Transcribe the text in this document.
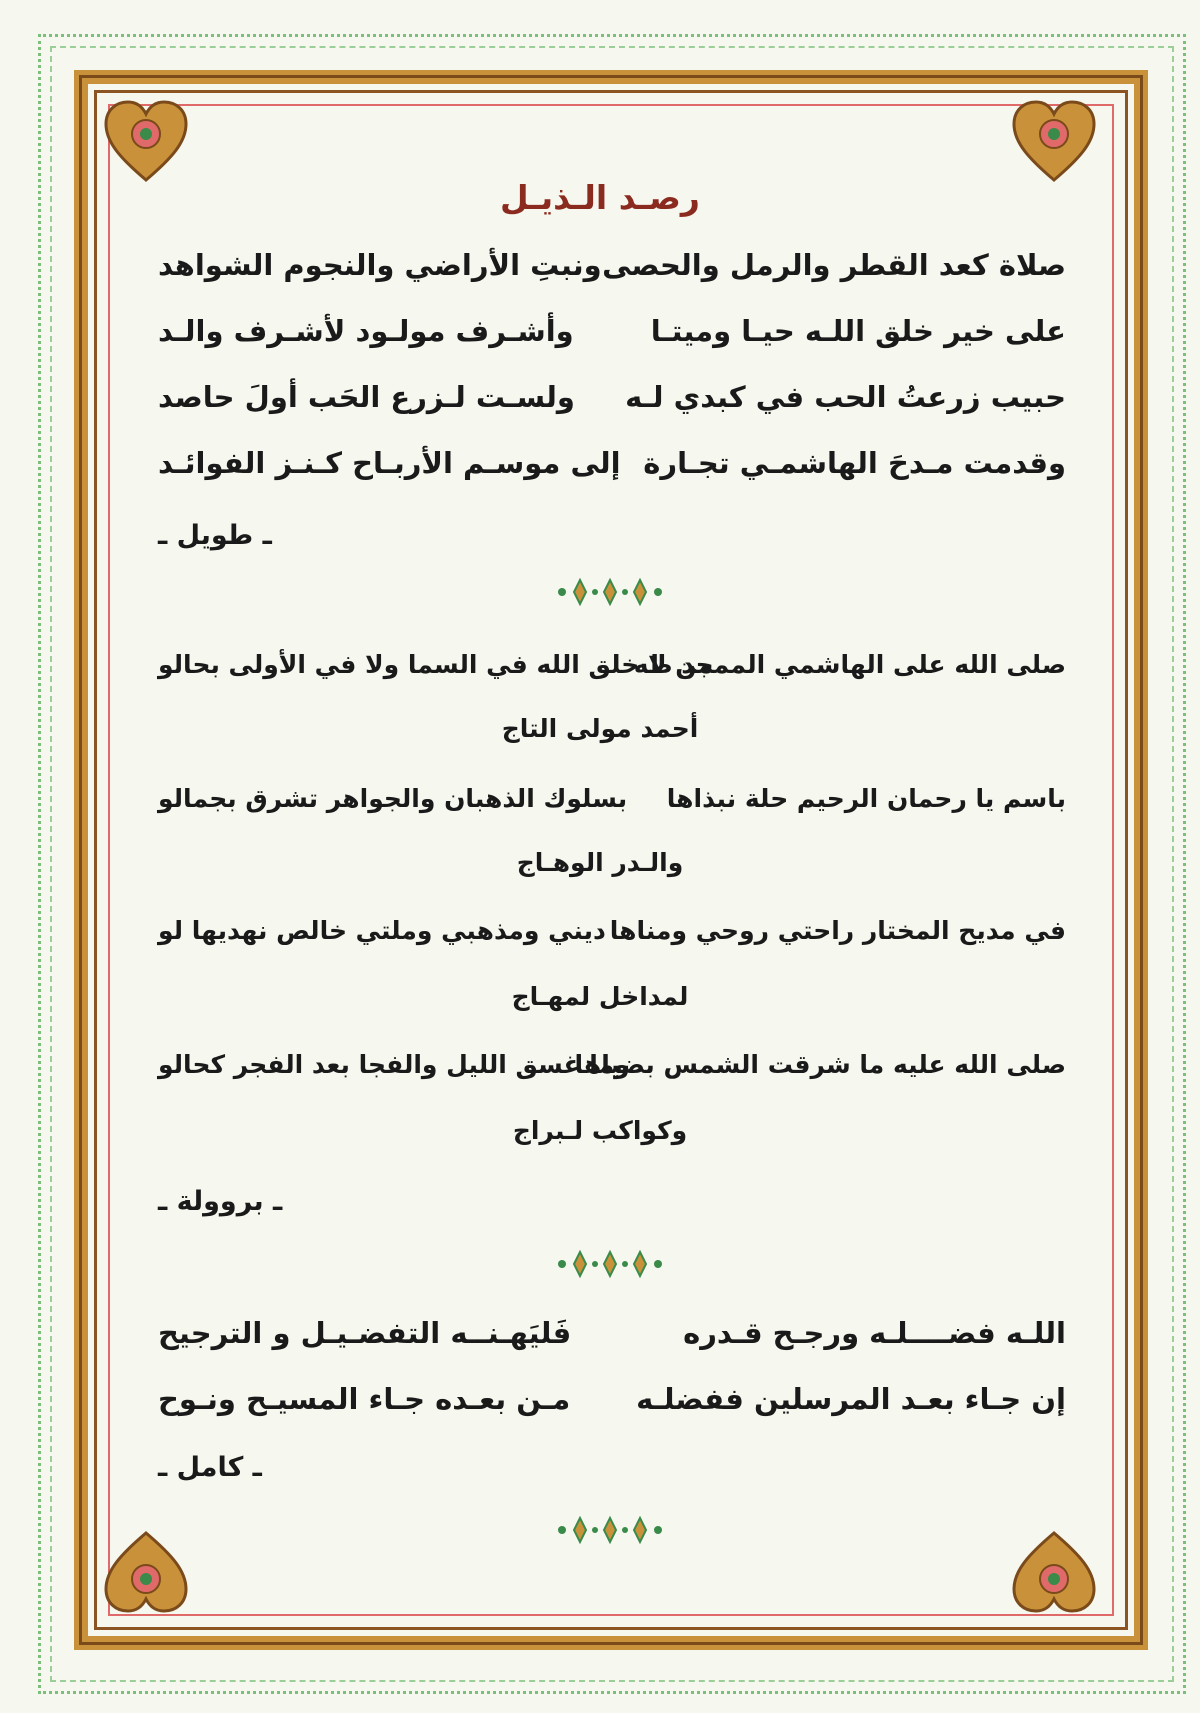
رصـد الـذيـل
صلاة كعد القطر والرمل والحصى
ونبتِ الأراضي والنجوم الشواهد
على خير خلق اللـه حيـا وميتـا
وأشـرف مولـود لأشـرف والـد
حبيب زرعتُ الحب في كبدي لـه
ولسـت لـزرع الحَب أولَ حاصد
وقدمت مـدحَ الهاشمـي تجـارة
إلى موسـم الأربـاح كـنـز الفوائـد
ـ طويل ـ
صلى الله على الهاشمي الممجد طه
من لا خلق الله في السما ولا في الأولى بحالو
أحمد مولى التاج
باسم يا رحمان الرحيم حلة نبذاها
بسلوك الذهبان والجواهر تشرق بجمالو
والـدر الوهـاج
في مديح المختار راحتي روحي ومناها
ديني ومذهبي وملتي خالص نهديها لو
لمداخل لمهـاج
صلى الله عليه ما شرقت الشمس بضياها
وما غسق الليل والفجا بعد الفجر كحالو
وكواكب لـبراج
ـ بروولة ـ
اللـه فضــــلـه ورجـح قـدره
فَليَهـنــه التفضـيـل و الترجيح
إن جـاء بعـد المرسلين ففضلـه
مـن بعـده جـاء المسيـح ونـوح
ـ كامل ـ
